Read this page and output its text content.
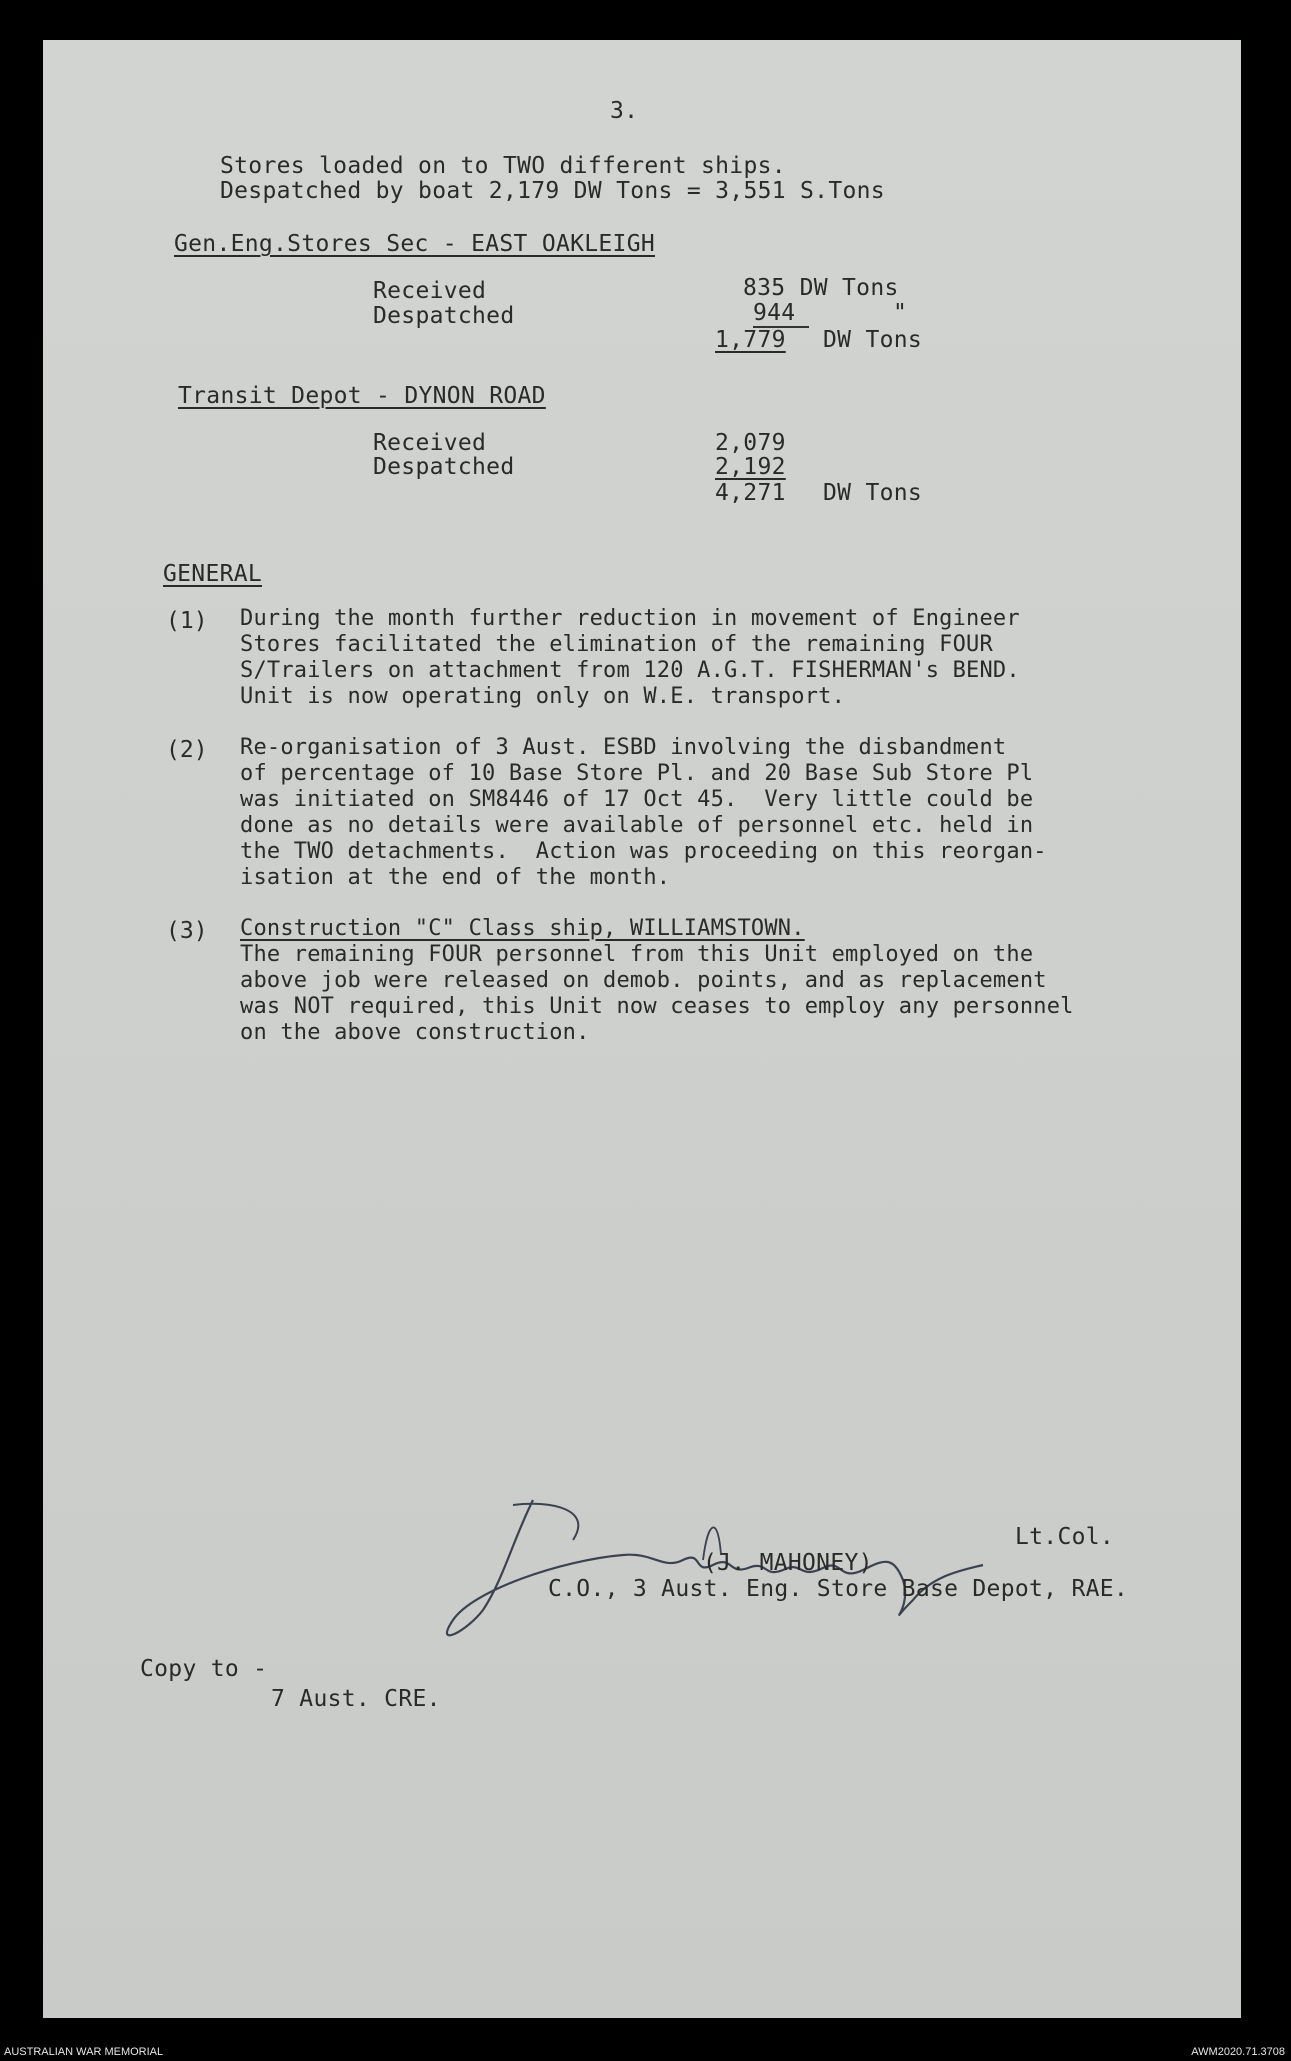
3.
Stores loaded on to TWO different ships.
Despatched by boat 2,179 DW Tons = 3,551 S.Tons
Gen.Eng.Stores Sec - EAST OAKLEIGH
Received	835 DW Tons
Despatched	944	"
1,779 DW Tons
Transit Depot - DYNON ROAD
Received	2,079
Despatched	2,192
4,271 DW Tons
GENERAL
(1) During the month further reduction in movement of Engineer
Stores facilitated the elimination of the remaining FOUR
S/Trailers on attachment from 120 A.G.T. FISHERMAN's BEND.
Unit is now operating only on W.E. transport.
(2) Re-organisation of 3 Aust. ESBD involving the disbandment
of percentage of 10 Base Store Pl. and 20 Base Sub Store Pl
was initiated on SM8446 of 17 Oct 45.  Very little could be
done as no details were available of personnel etc. held in
the TWO detachments.  Action was proceeding on this reorgan-
isation at the end of the month.
(3) Construction "C" Class ship, WILLIAMSTOWN.
The remaining FOUR personnel from this Unit employed on the
above job were released on demob. points, and as replacement
was NOT required, this Unit now ceases to employ any personnel
on the above construction.
Lt.Col.
(J. MAHONEY)
C.O., 3 Aust. Eng. Store Base Depot, RAE.
Copy to -
7 Aust. CRE.
AUSTRALIAN WAR MEMORIAL	AWM2020.71.3708
